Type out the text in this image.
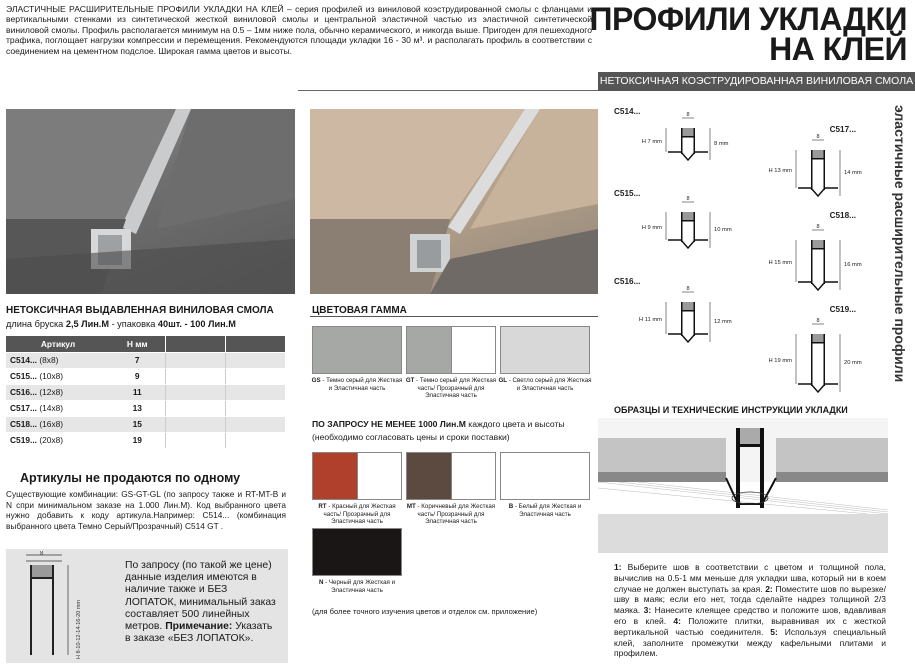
ЭЛАСТИЧНЫЕ РАСШИРИТЕЛЬНЫЕ ПРОФИЛИ УКЛАДКИ НА КЛЕЙ – серия профилей из виниловой коэструдированной смолы с фланцами и вертикальными стенками из синтетической жесткой виниловой смолы и центральной эластичной частью из эластичной синтетической виниловой смолы. Профиль располагается минимум на 0.5 – 1мм ниже пола, обычно керамического, и никогда выше. Пригоден для пешеходного трафика, поглощает нагрузки компрессии и перемещения. Рекомендуются площади укладки 16 - 30 м³. и располагать профиль в соответствии с соединением на цементном подслое. Широкая гамма цветов и высоты.
ПРОФИЛИ УКЛАДКИ
НА КЛЕЙ
НЕТОКСИЧНАЯ КОЭСТРУДИРОВАННАЯ ВИНИЛОВАЯ СМОЛА 3 ЦВЕТА
НЕТОКСИЧНАЯ ВЫДАВЛЕННАЯ ВИНИЛОВАЯ СМОЛА
длина бруска 2,5 Лин.М - упаковка 40шт. - 100 Лин.М
Артикул	H мм		
C514... (8x8)	7		
C515... (10x8)	9		
C516... (12x8)	11		
C517... (14x8)	13		
C518... (16x8)	15		
C519... (20x8)	19		
Артикулы не продаются по одному
Существующие комбинации: GS-GT-GL (по запросу также и RT-MT-B и N спри минимальном заказе на 1.000 Лин.М). Код выбранного цвета нужно добавить к коду артикула.Например: C514... (комбинация выбранного цвета Темно Серый/Прозрачный) C514 GT .
8
H 8-10-12-14-16-20 mm
По запросу (по такой же цене) данные изделия имеются в наличие также и БЕЗ ЛОПАТОК, минимальный заказ составляет 500 линейных метров. Примечание: Указать в заказе «БЕЗ ЛОПАТОК».
ЦВЕТОВАЯ ГАММА
GS - Темно серый для Жесткая и Эластичная часть
GT - Темно серый для Жесткая часть/ Прозрачный для Эластичная часть
GL - Светло серый для Жесткая и Эластичная часть
ПО ЗАПРОСУ НЕ МЕНЕЕ 1000 Лин.М каждого цвета и высоты
(необходимо согласовать цены и сроки поставки)
RT - Красный для Жесткая часть/ Прозрачный для Эластичная часть
MT - Коричневый для Жесткая часть/ Прозрачный для Эластичная часть
B - Белый для Жесткая и Эластичная часть
N - Черный для Жесткая и Эластичная часть
(для более точного изучения цветов и отделок см. приложение)
C514...	8
H 7 mm	8 mm
C515...
8
H 9 mm	10 mm
C516...
8
H 11 mm	12 mm
C517...
8
H 13 mm	14 mm
C518...
8
H 15 mm	16 mm
C519...
8
H 19 mm	20 mm эластичные расширительные профили
ОБРАЗЦЫ И ТЕХНИЧЕСКИЕ ИНСТРУКЦИИ УКЛАДКИ
1: Выберите шов в соответствии с цветом и толщиной пола, вычислив на 0.5-1 мм меньше для укладки шва, который ни в коем случае не должен выступать за края. 2: Поместите шов по вырезке/шву в маяк; если его нет, тогда сделайте надрез толщиной 2/3 маяка. 3: Нанесите клеящее средство и положите шов, вдавливая его в клей. 4: Положите плитки, выравнивая их с жесткой вертикальной частью соединителя. 5: Используя специальный клей, заполните промежутки между кафельными плитами и профилем.
